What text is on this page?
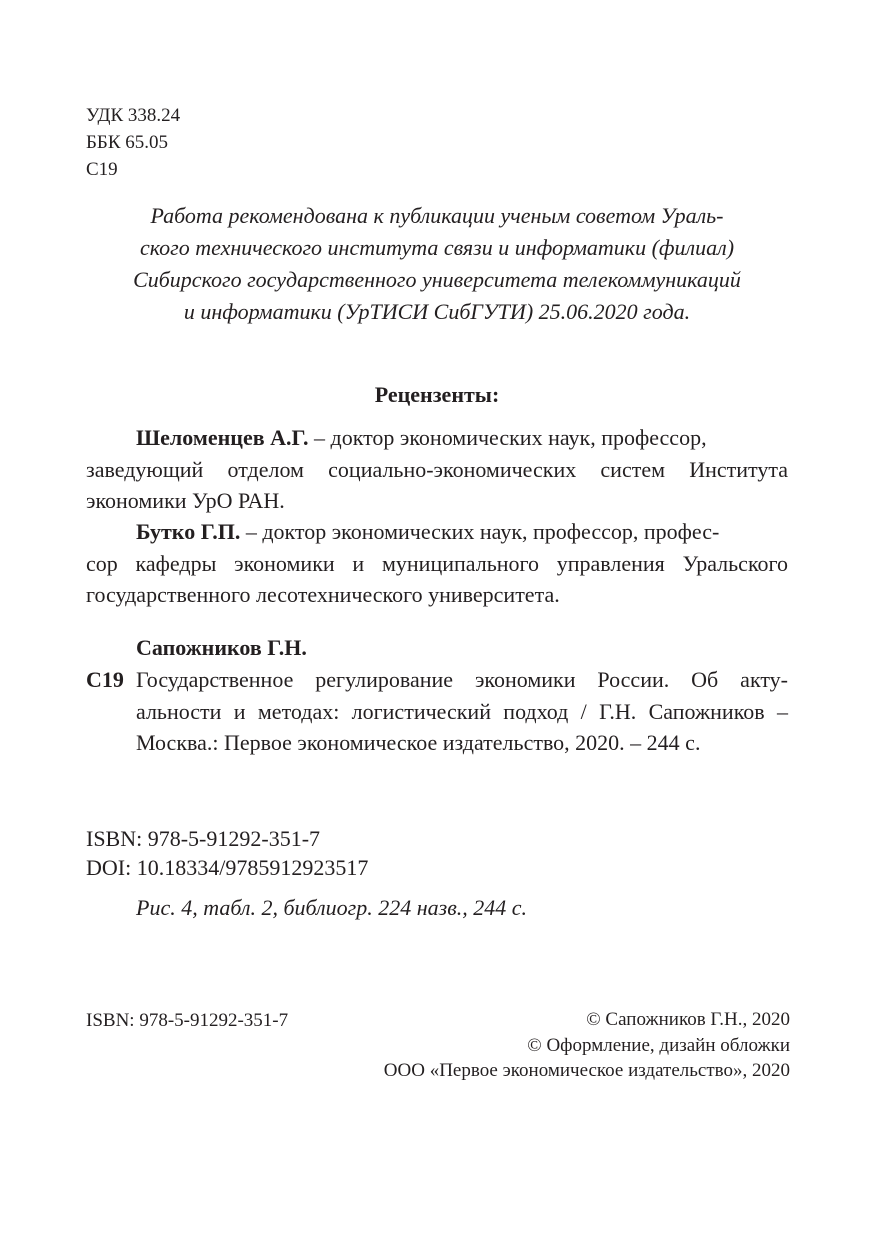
УДК 338.24
ББК 65.05
С19
Работа рекомендована к публикации ученым советом Ураль-
ского технического института связи и информатики (филиал)
Сибирского государственного университета телекоммуникаций
и информатики (УрТИСИ СибГУТИ) 25.06.2020 года.
Рецензенты:
Шеломенцев А.Г. – доктор экономических наук, профессор,
заведующий отделом социально-экономических систем Института
экономики УрО РАН.
Бутко Г.П. – доктор экономических наук, профессор, профес-
сор кафедры экономики и муниципального управления Уральского
государственного лесотехнического университета.
Сапожников Г.Н.
С19 Государственное регулирование экономики России. Об акту-
альности и методах: логистический подход / Г.Н. Сапожников –
Москва.: Первое экономическое издательство, 2020. – 244 с.
ISBN: 978-5-91292-351-7
DOI: 10.18334/9785912923517
Рис. 4, табл. 2, библиогр. 224 назв., 244 с.
ISBN: 978-5-91292-351-7	© Сапожников Г.Н., 2020
© Оформление, дизайн обложки
ООО «Первое экономическое издательство», 2020
